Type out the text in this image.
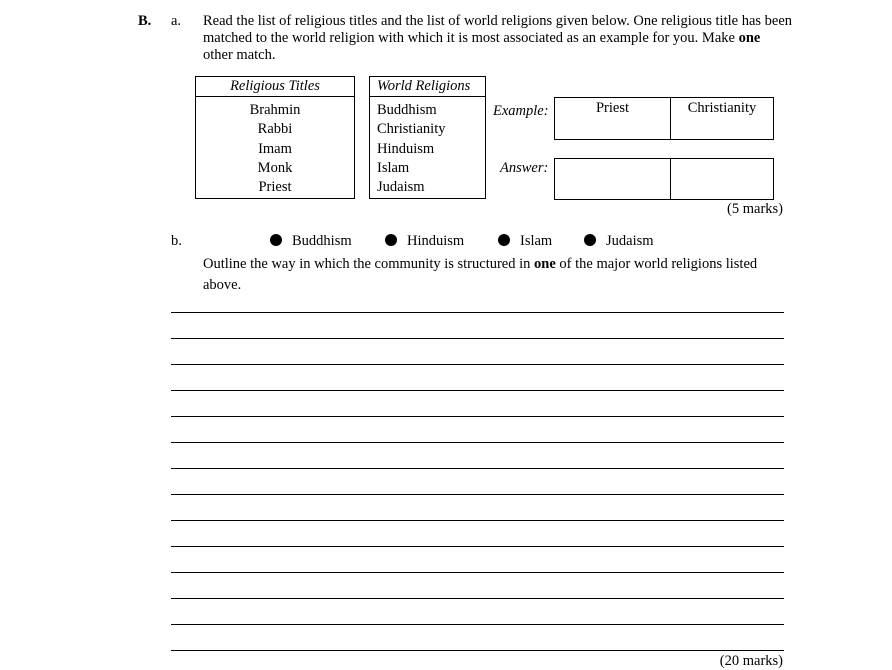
B. a. Read the list of religious titles and the list of world religions given below. One religious title has been matched to the world religion with which it is most associated as an example for you. Make one other match.
Religious Titles
Brahmin
Rabbi
Imam
Monk
Priest
World Religions
Buddhism
Christianity
Hinduism
Islam
Judaism
Example:	Priest	Christianity
Answer:
(5 marks)
b.	Buddhism	Hinduism	Islam	Judaism
Outline the way in which the community is structured in one of the major world religions listed above.
(20 marks)
